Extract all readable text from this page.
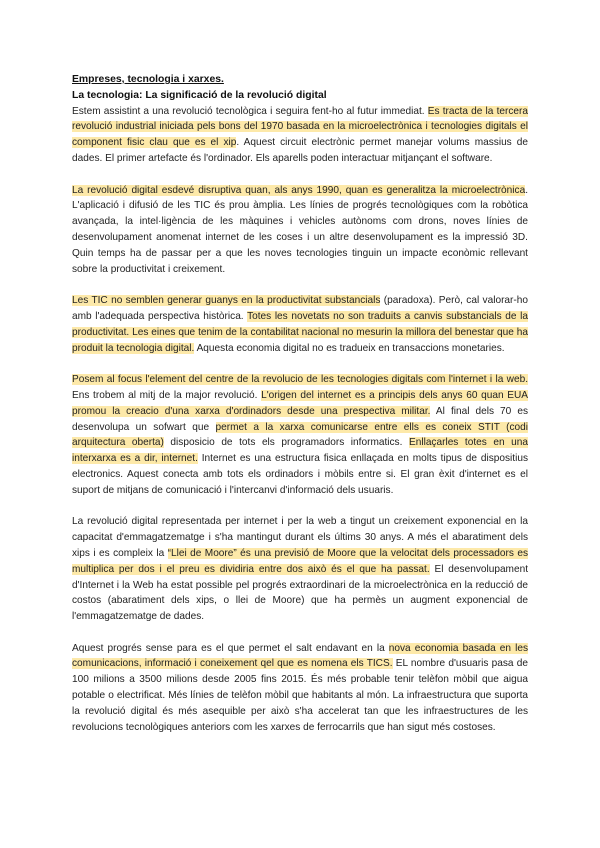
Empreses, tecnologia i xarxes.
La tecnologia: La significació de la revolució digital

Estem assistint a una revolució tecnològica i seguira fent-ho al futur immediat. Es tracta de la tercera revolució industrial iniciada pels bons del 1970 basada en la microelectrònica i tecnologies digitals el component fisic clau que es el xip. Aquest circuit electrònic permet manejar volums massius de dades. El primer artefacte és l'ordinador. Els aparells poden interactuar mitjançant el software.

La revolució digital esdevé disruptiva quan, als anys 1990, quan es generalitza la microelectrònica. L'aplicació i difusió de les TIC és prou àmplia. Les línies de progrés tecnològiques com la robòtica avançada, la intel·ligència de les màquines i vehicles autònoms com drons, noves línies de desenvolupament anomenat internet de les coses i un altre desenvolupament es la impressió 3D. Quin temps ha de passar per a que les noves tecnologies tinguin un impacte econòmic rellevant sobre la productivitat i creixement.

Les TIC no semblen generar guanys en la productivitat substancials (paradoxa). Però, cal valorar-ho amb l'adequada perspectiva històrica. Totes les novetats no son traduits a canvis substancials de la productivitat. Les eines que tenim de la contabilitat nacional no mesurin la millora del benestar que ha produit la tecnologia digital. Aquesta economia digital no es tradueix en transaccions monetaries.

Posem al focus l'element del centre de la revolucio de les tecnologies digitals com l'internet i la web. Ens trobem al mitj de la major revolució. L'origen del internet es a principis dels anys 60 quan EUA promou la creacio d'una xarxa d'ordinadors desde una prespectiva militar. Al final dels 70 es desenvolupa un sofwart que permet a la xarxa comunicarse entre ells es coneix STIT (codi arquitectura oberta) disposicio de tots els programadors informatics. Enllaçarles totes en una interxarxa es a dir, internet. Internet es una estructura fisica enllaçada en molts tipus de dispositius electronics. Aquest conecta amb tots els ordinadors i mòbils entre si. El gran èxit d'internet es el suport de mitjans de comunicació i l'intercanvi d'informació dels usuaris.

La revolució digital representada per internet i per la web a tingut un creixement exponencial en la capacitat d'emmagatzematge i s'ha mantingut durant els últims 30 anys. A més el abaratiment dels xips i es compleix la “Llei de Moore” és una previsió de Moore que la velocitat dels processadors es multiplica per dos i el preu es dividiria entre dos això és el que ha passat. El desenvolupament d'Internet i la Web ha estat possible pel progrés extraordinari de la microelectrònica en la reducció de costos (abaratiment dels xips, o llei de Moore) que ha permès un augment exponencial de l'emmagatzematge de dades.

Aquest progrés sense para es el que permet el salt endavant en la nova economia basada en les comunicacions, informació i coneixement qel que es nomena els TICS. EL nombre d'usuaris pasa de 100 milions a 3500 milions desde 2005 fins 2015. És més probable tenir telèfon mòbil que aigua potable o electrificat. Més línies de telèfon mòbil que habitants al món. La infraestructura que suporta la revolució digital és més asequible per això s'ha accelerat tan que les infraestructures de les revolucions tecnològiques anteriors com les xarxes de ferrocarrils que han sigut més costoses.
